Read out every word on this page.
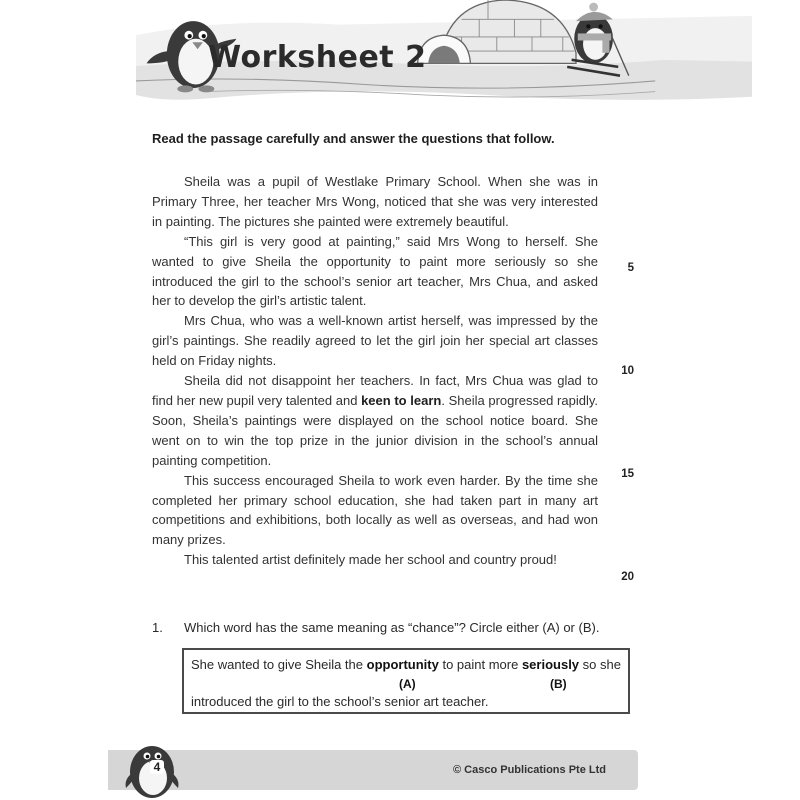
Worksheet 2
Read the passage carefully and answer the questions that follow.

Sheila was a pupil of Westlake Primary School. When she was in Primary Three, her teacher Mrs Wong, noticed that she was very interested in painting. The pictures she painted were extremely beautiful.

“This girl is very good at painting,” said Mrs Wong to herself. She wanted to give Sheila the opportunity to paint more seriously so she introduced the girl to the school’s senior art teacher, Mrs Chua, and asked her to develop the girl’s artistic talent.

Mrs Chua, who was a well-known artist herself, was impressed by the girl’s paintings. She readily agreed to let the girl join her special art classes held on Friday nights.

Sheila did not disappoint her teachers. In fact, Mrs Chua was glad to find her new pupil very talented and keen to learn. Sheila progressed rapidly. Soon, Sheila’s paintings were displayed on the school notice board. She went on to win the top prize in the junior division in the school’s annual painting competition.

This success encouraged Sheila to work even harder. By the time she completed her primary school education, she had taken part in many art competitions and exhibitions, both locally as well as overseas, and had won many prizes.

This talented artist definitely made her school and country proud!

5
10
15
20
1. Which word has the same meaning as “chance”? Circle either (A) or (B).
She wanted to give Sheila the opportunity to paint more seriously so she
(A)	(B)
introduced the girl to the school’s senior art teacher.
4	© Casco Publications Pte Ltd
